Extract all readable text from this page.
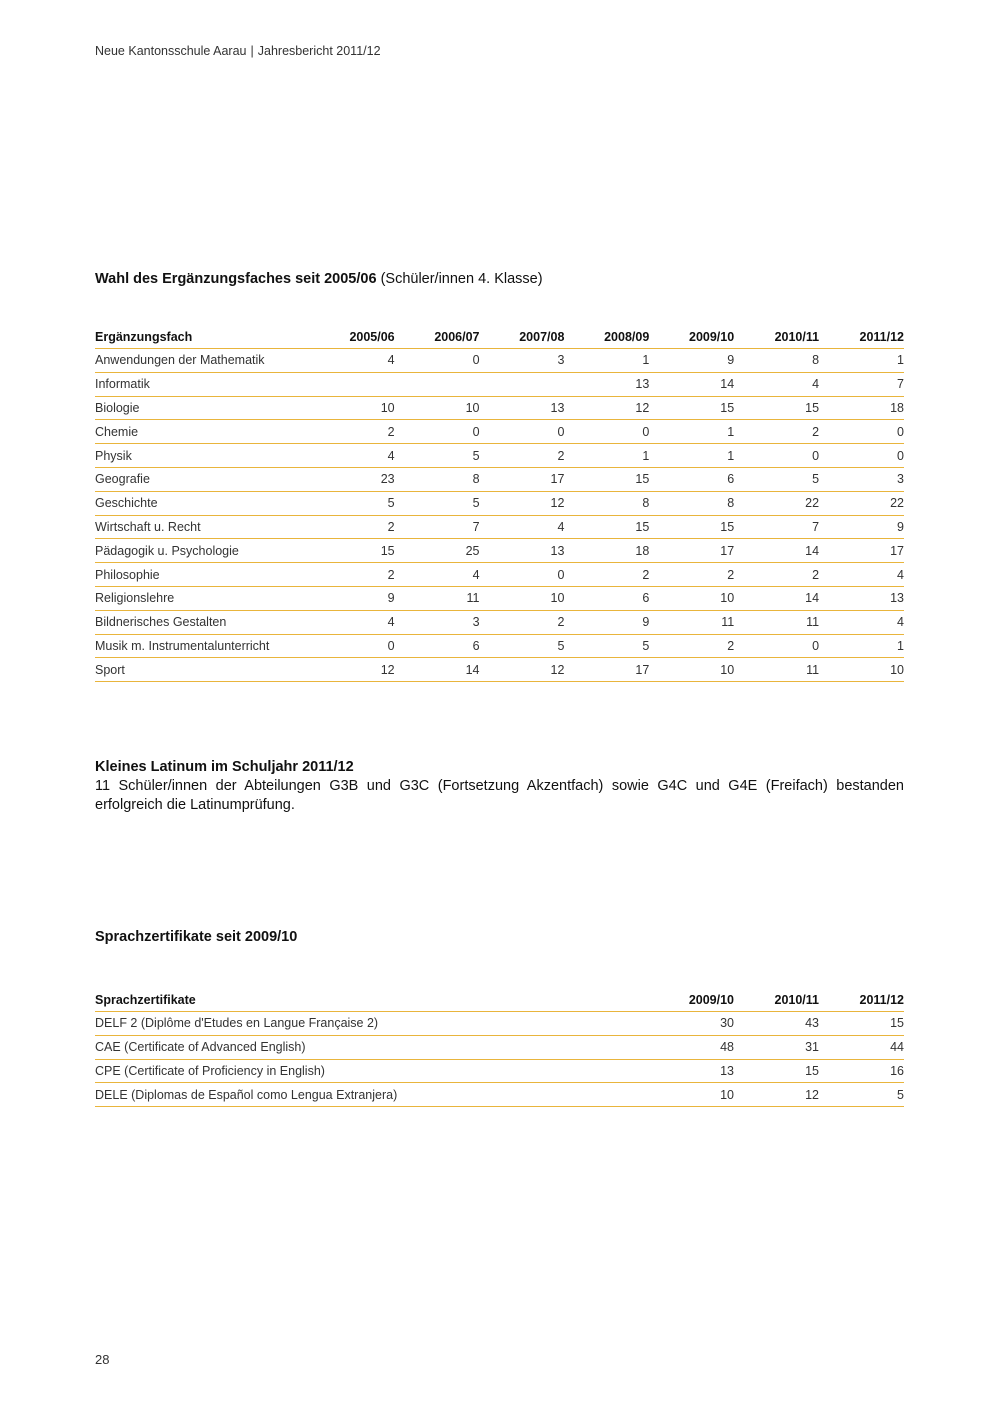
Neue Kantonsschule Aarau | Jahresbericht 2011/12
Wahl des Ergänzungsfaches seit 2005/06 (Schüler/innen 4. Klasse)
Ergänzungsfach	2005/06	2006/07	2007/08	2008/09	2009/10	2010/11	2011/12
Anwendungen der Mathematik	4	0	3	1	9	8	1
Informatik				13	14	4	7
Biologie	10	10	13	12	15	15	18
Chemie	2	0	0	0	1	2	0
Physik	4	5	2	1	1	0	0
Geografie	23	8	17	15	6	5	3
Geschichte	5	5	12	8	8	22	22
Wirtschaft u. Recht	2	7	4	15	15	7	9
Pädagogik u. Psychologie	15	25	13	18	17	14	17
Philosophie	2	4	0	2	2	2	4
Religionslehre	9	11	10	6	10	14	13
Bildnerisches Gestalten	4	3	2	9	11	11	4
Musik m. Instrumentalunterricht	0	6	5	5	2	0	1
Sport	12	14	12	17	10	11	10
Kleines Latinum im Schuljahr 2011/12
11 Schüler/innen der Abteilungen G3B und G3C (Fortsetzung Akzentfach) sowie G4C und G4E (Freifach) bestanden erfolgreich die Latinumprüfung.
Sprachzertifikate seit 2009/10
Sprachzertifikate	2009/10	2010/11	2011/12
DELF 2 (Diplôme d'Etudes en Langue Française 2)	30	43	15
CAE (Certificate of Advanced English)	48	31	44
CPE (Certificate of Proficiency in English)	13	15	16
DELE (Diplomas de Español como Lengua Extranjera)	10	12	5
28
